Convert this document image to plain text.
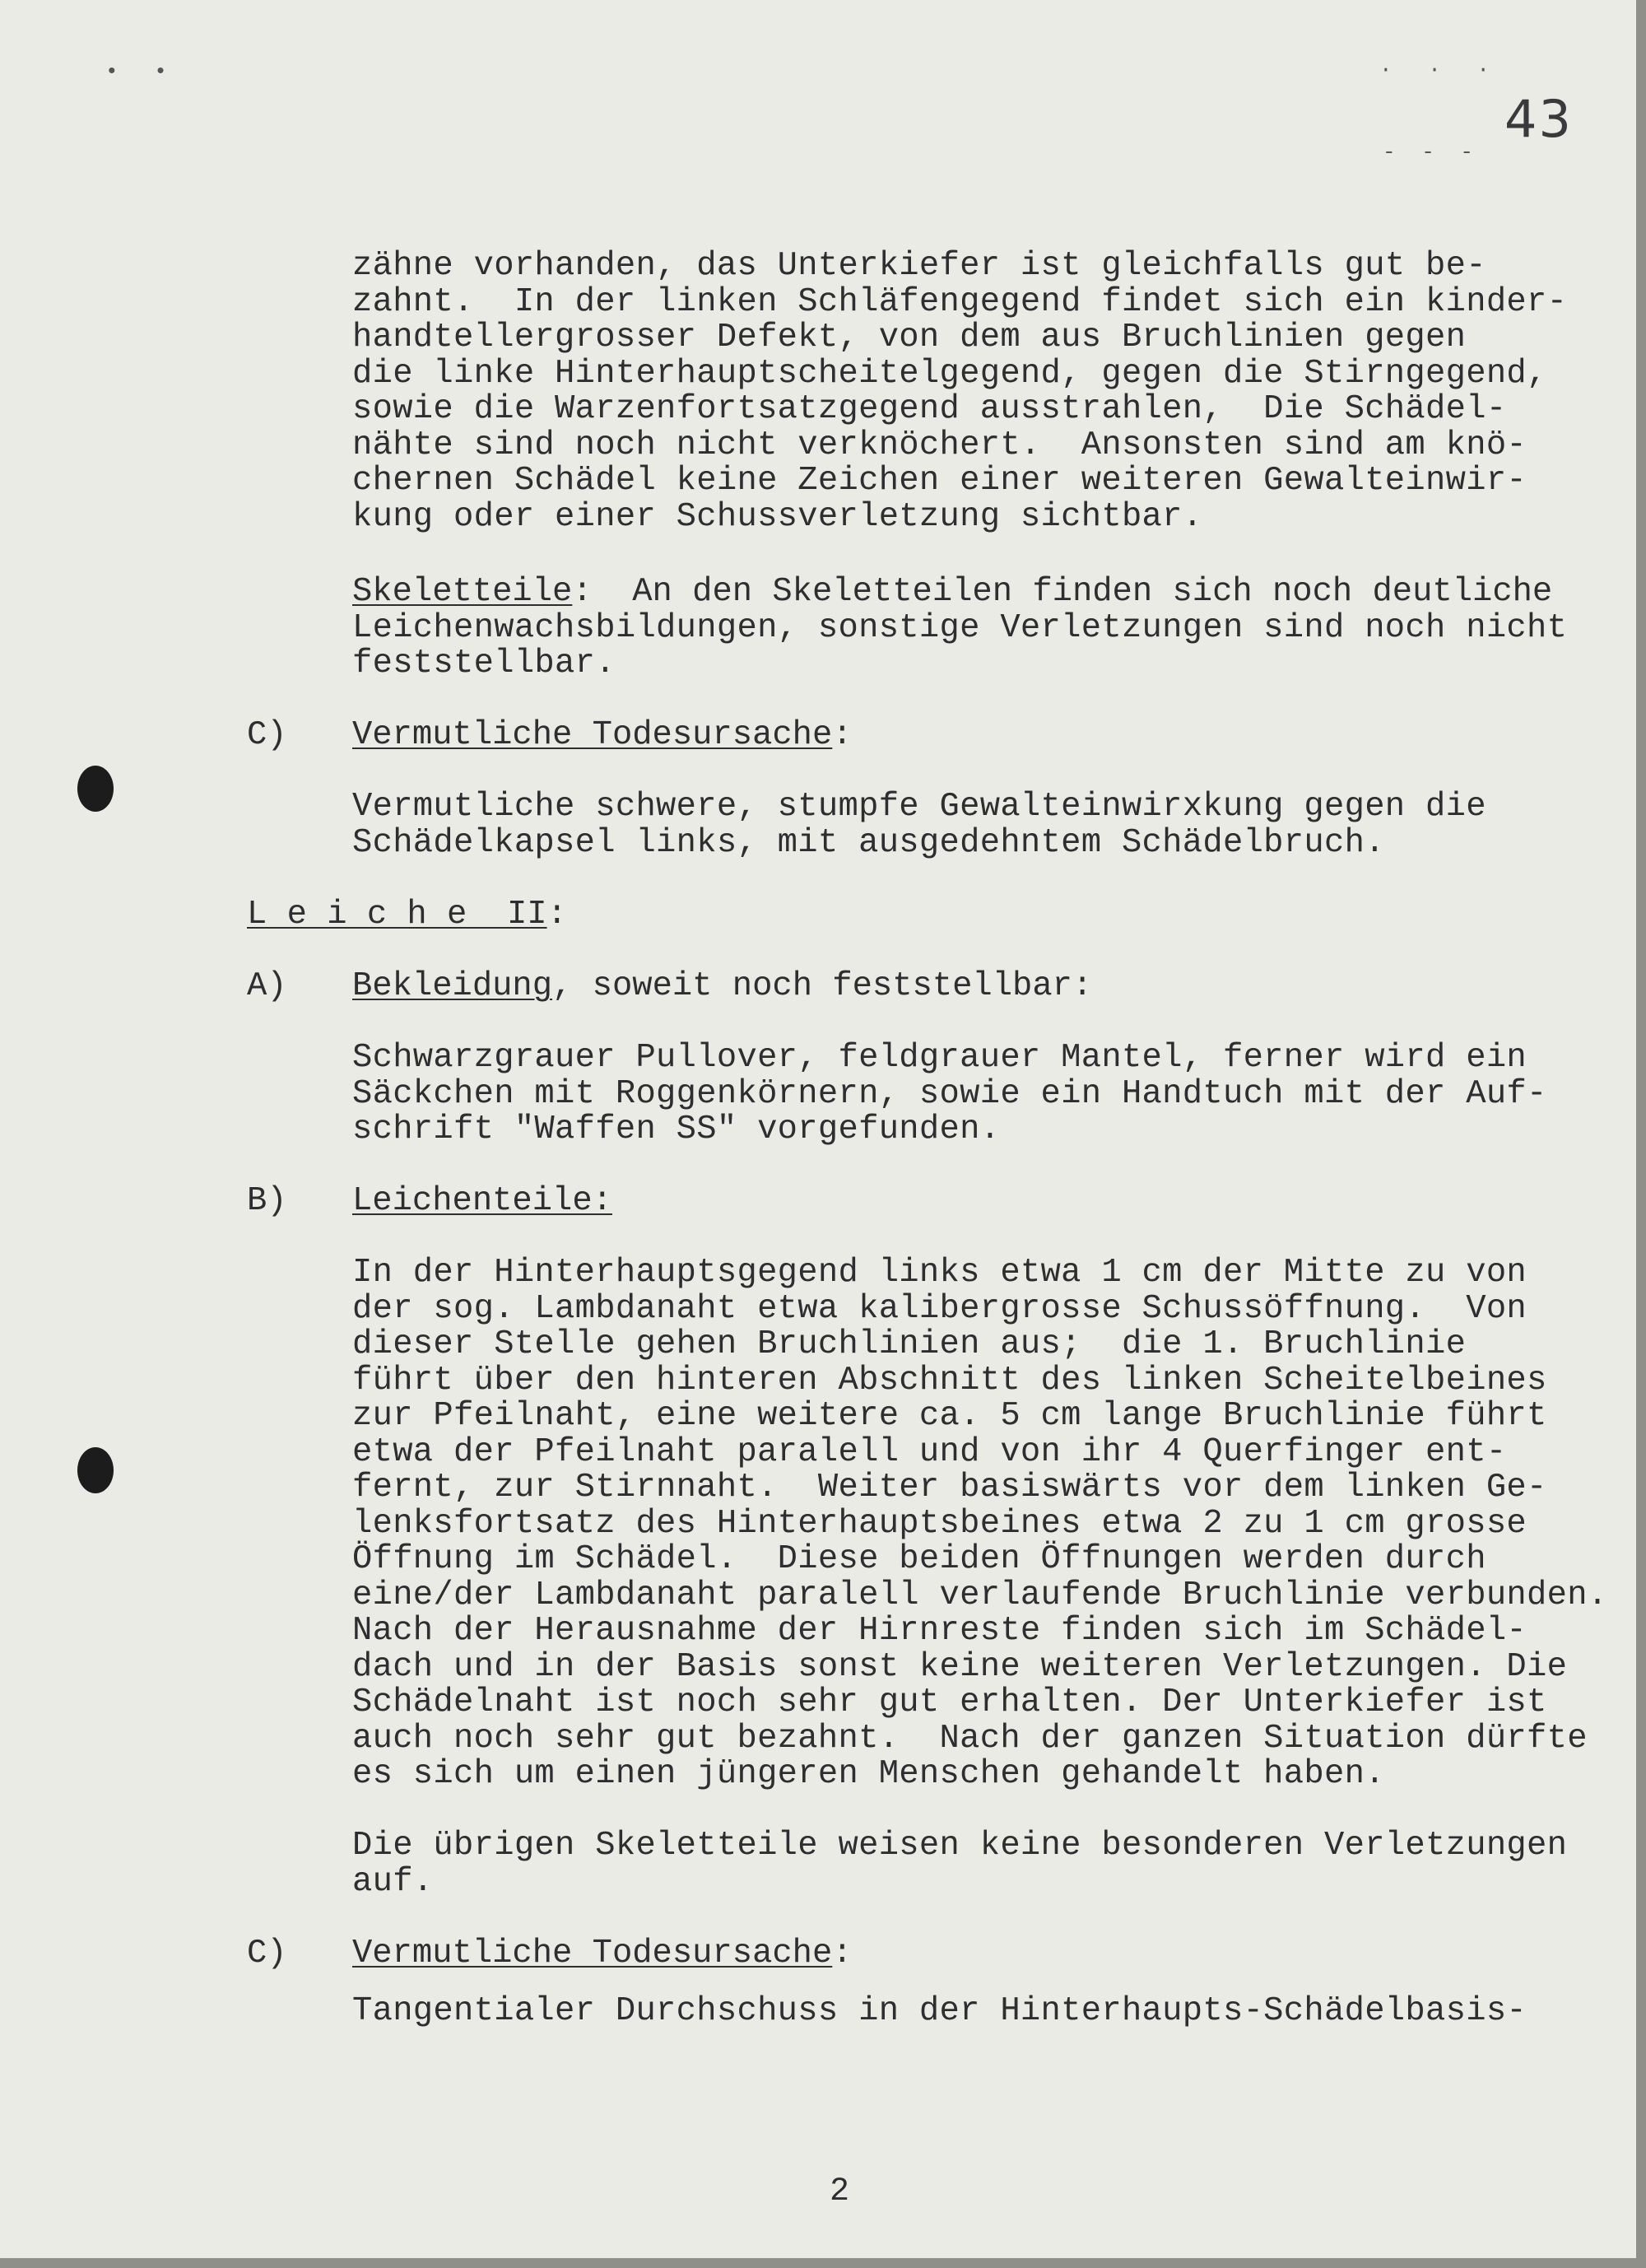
• •	· · ·
- - -
43
zähne vorhanden, das Unterkiefer ist gleichfalls gut be-
zahnt.  In der linken Schläfengegend findet sich ein kinder-
handtellergrosser Defekt, von dem aus Bruchlinien gegen
die linke Hinterhauptscheitelgegend, gegen die Stirngegend,
sowie die Warzenfortsatzgegend ausstrahlen,  Die Schädel-
nähte sind noch nicht verknöchert.  Ansonsten sind am knö-
chernen Schädel keine Zeichen einer weiteren Gewalteinwir-
kung oder einer Schussverletzung sichtbar.
Skeletteile:  An den Skeletteilen finden sich noch deutliche
Leichenwachsbildungen, sonstige Verletzungen sind noch nicht
feststellbar.
C) Vermutliche Todesursache:
Vermutliche schwere, stumpfe Gewalteinwirxkung gegen die
Schädelkapsel links, mit ausgedehntem Schädelbruch.
L e i c h e  II:
A) Bekleidung, soweit noch feststellbar:
Schwarzgrauer Pullover, feldgrauer Mantel, ferner wird ein
Säckchen mit Roggenkörnern, sowie ein Handtuch mit der Auf-
schrift "Waffen SS" vorgefunden.
B) Leichenteile:
In der Hinterhauptsgegend links etwa 1 cm der Mitte zu von
der sog. Lambdanaht etwa kalibergrosse Schussöffnung.  Von
dieser Stelle gehen Bruchlinien aus;  die 1. Bruchlinie
führt über den hinteren Abschnitt des linken Scheitelbeines
zur Pfeilnaht, eine weitere ca. 5 cm lange Bruchlinie führt
etwa der Pfeilnaht paralell und von ihr 4 Querfinger ent-
fernt, zur Stirnnaht.  Weiter basiswärts vor dem linken Ge-
lenksfortsatz des Hinterhauptsbeines etwa 2 zu 1 cm grosse
Öffnung im Schädel.  Diese beiden Öffnungen werden durch
eine/der Lambdanaht paralell verlaufende Bruchlinie verbunden.
Nach der Herausnahme der Hirnreste finden sich im Schädel-
dach und in der Basis sonst keine weiteren Verletzungen. Die
Schädelnaht ist noch sehr gut erhalten. Der Unterkiefer ist
auch noch sehr gut bezahnt.  Nach der ganzen Situation dürfte
es sich um einen jüngeren Menschen gehandelt haben.
Die übrigen Skeletteile weisen keine besonderen Verletzungen
auf.
C) Vermutliche Todesursache:
Tangentialer Durchschuss in der Hinterhaupts-Schädelbasis-
2
